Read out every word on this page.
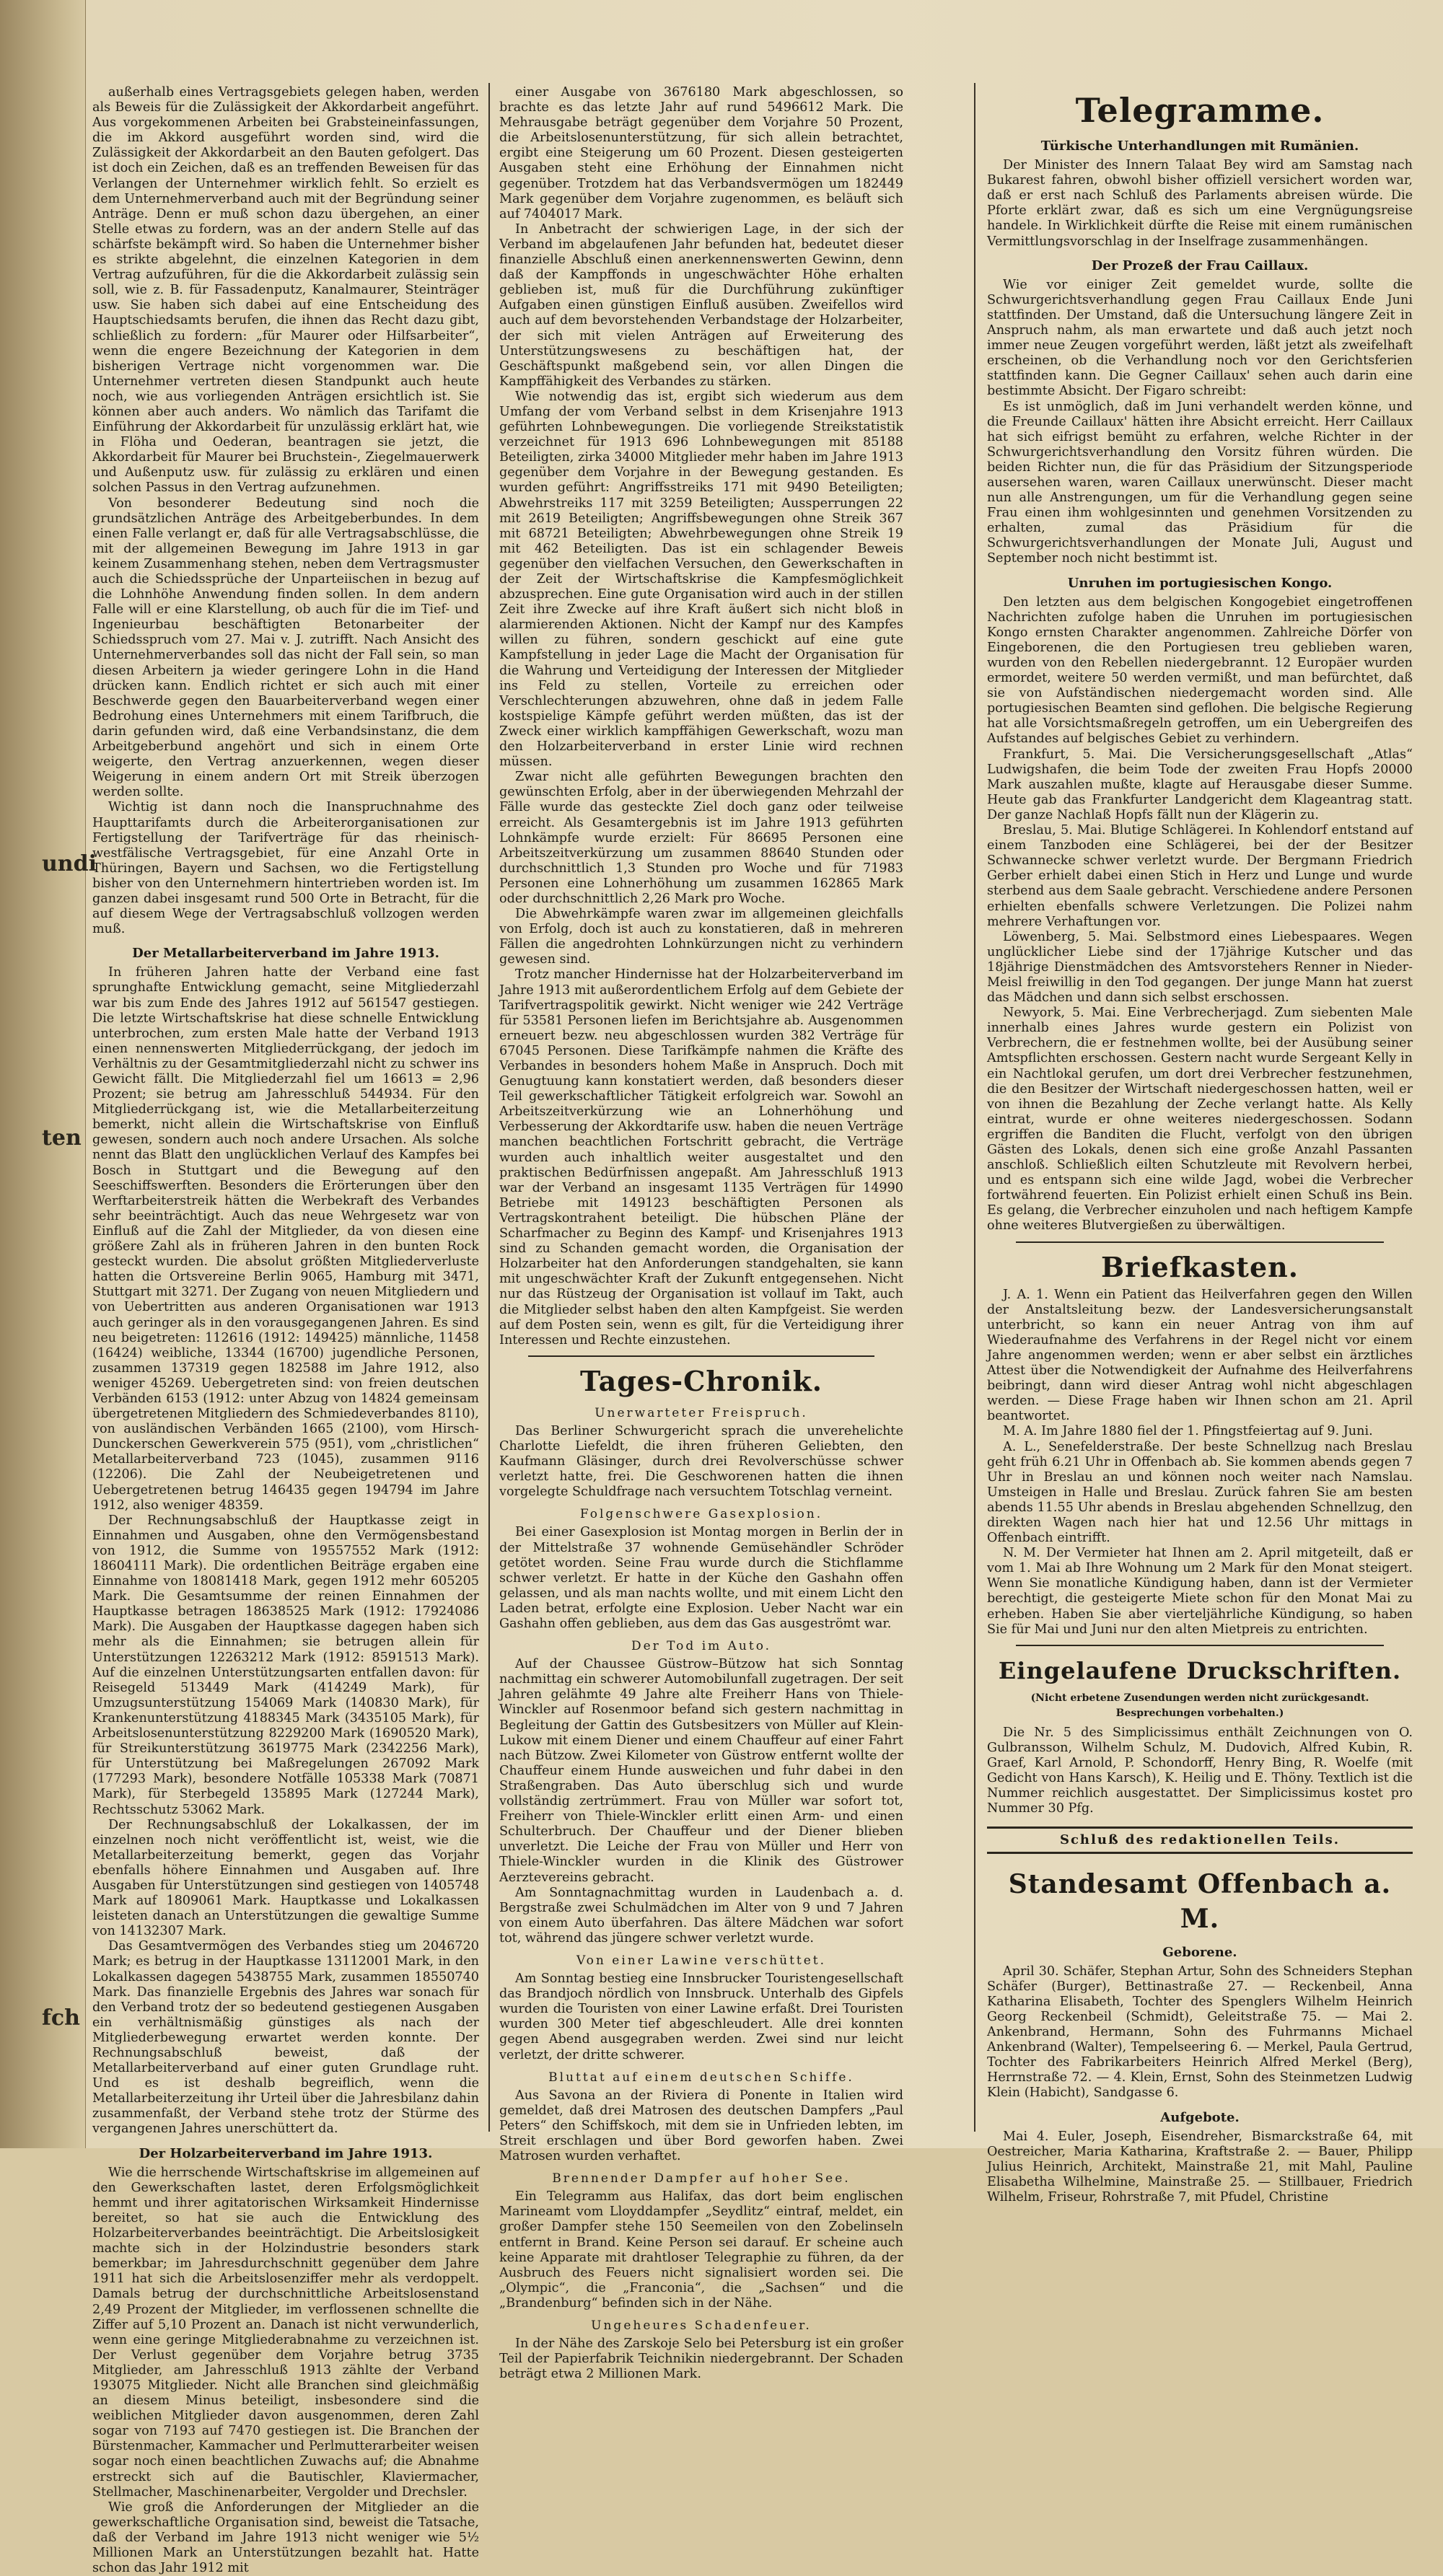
undi
ten
fch

außerhalb eines Vertragsgebiets gelegen haben, werden als Beweis für die Zulässigkeit der Akkordarbeit angeführt. Aus vorgekommenen Arbeiten bei Grabsteineinfassungen, die im Akkord ausgeführt worden sind, wird die Zulässigkeit der Akkordarbeit an den Bauten gefolgert. Das ist doch ein Zeichen, daß es an treffenden Beweisen für das Verlangen der Unternehmer wirklich fehlt. So erzielt es dem Unternehmerverband auch mit der Begründung seiner Anträge. Denn er muß schon dazu übergehen, an einer Stelle etwas zu fordern, was an der andern Stelle auf das schärfste bekämpft wird. So haben die Unternehmer bisher es strikte abgelehnt, die einzelnen Kategorien in dem Vertrag aufzuführen, für die die Akkordarbeit zulässig sein soll, wie z. B. für Fassadenputz, Kanalmaurer, Steinträger usw. Sie haben sich dabei auf eine Entscheidung des Hauptschiedsamts berufen, die ihnen das Recht dazu gibt, schließlich zu fordern: „für Maurer oder Hilfsarbeiter“, wenn die engere Bezeichnung der Kategorien in dem bisherigen Vertrage nicht vorgenommen war. Die Unternehmer vertreten diesen Standpunkt auch heute noch, wie aus vorliegenden Anträgen ersichtlich ist. Sie können aber auch anders. Wo nämlich das Tarifamt die Einführung der Akkordarbeit für unzulässig erklärt hat, wie in Flöha und Oederan, beantragen sie jetzt, die Akkordarbeit für Maurer bei Bruchstein-, Ziegelmauerwerk und Außenputz usw. für zulässig zu erklären und einen solchen Passus in den Vertrag aufzunehmen.

Von besonderer Bedeutung sind noch die grundsätzlichen Anträge des Arbeitgeberbundes. In dem einen Falle verlangt er, daß für alle Vertragsabschlüsse, die mit der allgemeinen Bewegung im Jahre 1913 in gar keinem Zusammenhang stehen, neben dem Vertragsmuster auch die Schiedssprüche der Unparteiischen in bezug auf die Lohnhöhe Anwendung finden sollen. In dem andern Falle will er eine Klarstellung, ob auch für die im Tief- und Ingenieurbau beschäftigten Betonarbeiter der Schiedsspruch vom 27. Mai v. J. zutrifft. Nach Ansicht des Unternehmerverbandes soll das nicht der Fall sein, so man diesen Arbeitern ja wieder geringere Lohn in die Hand drücken kann. Endlich richtet er sich auch mit einer Beschwerde gegen den Bauarbeiterverband wegen einer Bedrohung eines Unternehmers mit einem Tarifbruch, die darin gefunden wird, daß eine Verbandsinstanz, die dem Arbeitgeberbund angehört und sich in einem Orte weigerte, den Vertrag anzuerkennen, wegen dieser Weigerung in einem andern Ort mit Streik überzogen werden sollte.

Wichtig ist dann noch die Inanspruchnahme des Haupttarifamts durch die Arbeiterorganisationen zur Fertigstellung der Tarifverträge für das rheinisch-westfälische Vertragsgebiet, für eine Anzahl Orte in Thüringen, Bayern und Sachsen, wo die Fertigstellung bisher von den Unternehmern hintertrieben worden ist. Im ganzen dabei insgesamt rund 500 Orte in Betracht, für die auf diesem Wege der Vertragsabschluß vollzogen werden muß.

Der Metallarbeiterverband im Jahre 1913.

In früheren Jahren hatte der Verband eine fast sprunghafte Entwicklung gemacht, seine Mitgliederzahl war bis zum Ende des Jahres 1912 auf 561547 gestiegen. Die letzte Wirtschaftskrise hat diese schnelle Entwicklung unterbrochen, zum ersten Male hatte der Verband 1913 einen nennenswerten Mitgliederrückgang, der jedoch im Verhältnis zu der Gesamtmitgliederzahl nicht zu schwer ins Gewicht fällt. Die Mitgliederzahl fiel um 16613 = 2,96 Prozent; sie betrug am Jahresschluß 544934. Für den Mitgliederrückgang ist, wie die Metallarbeiterzeitung bemerkt, nicht allein die Wirtschaftskrise von Einfluß gewesen, sondern auch noch andere Ursachen. Als solche nennt das Blatt den unglücklichen Verlauf des Kampfes bei Bosch in Stuttgart und die Bewegung auf den Seeschiffswerften. Besonders die Erörterungen über den Werftarbeiterstreik hätten die Werbekraft des Verbandes sehr beeinträchtigt. Auch das neue Wehrgesetz war von Einfluß auf die Zahl der Mitglieder, da von diesen eine größere Zahl als in früheren Jahren in den bunten Rock gesteckt wurden. Die absolut größten Mitgliederverluste hatten die Ortsvereine Berlin 9065, Hamburg mit 3471, Stuttgart mit 3271. Der Zugang von neuen Mitgliedern und von Uebertritten aus anderen Organisationen war 1913 auch geringer als in den vorausgegangenen Jahren. Es sind neu beigetreten: 112616 (1912: 149425) männliche, 11458 (16424) weibliche, 13344 (16700) jugendliche Personen, zusammen 137319 gegen 182588 im Jahre 1912, also weniger 45269. Uebergetreten sind: von freien deutschen Verbänden 6153 (1912: unter Abzug von 14824 gemeinsam übergetretenen Mitgliedern des Schmiedeverbandes 8110), von ausländischen Verbänden 1665 (2100), vom Hirsch-Dunckerschen Gewerkverein 575 (951), vom „christlichen“ Metallarbeiterverband 723 (1045), zusammen 9116 (12206). Die Zahl der Neubeigetretenen und Uebergetretenen betrug 146435 gegen 194794 im Jahre 1912, also weniger 48359.

Der Rechnungsabschluß der Hauptkasse zeigt in Einnahmen und Ausgaben, ohne den Vermögensbestand von 1912, die Summe von 19557552 Mark (1912: 18604111 Mark). Die ordentlichen Beiträge ergaben eine Einnahme von 18081418 Mark, gegen 1912 mehr 605205 Mark. Die Gesamtsumme der reinen Einnahmen der Hauptkasse betragen 18638525 Mark (1912: 17924086 Mark). Die Ausgaben der Hauptkasse dagegen haben sich mehr als die Einnahmen; sie betrugen allein für Unterstützungen 12263212 Mark (1912: 8591513 Mark). Auf die einzelnen Unterstützungsarten entfallen davon: für Reisegeld 513449 Mark (414249 Mark), für Umzugsunterstützung 154069 Mark (140830 Mark), für Krankenunterstützung 4188345 Mark (3435105 Mark), für Arbeitslosenunterstützung 8229200 Mark (1690520 Mark), für Streikunterstützung 3619775 Mark (2342256 Mark), für Unterstützung bei Maßregelungen 267092 Mark (177293 Mark), besondere Notfälle 105338 Mark (70871 Mark), für Sterbegeld 135895 Mark (127244 Mark), Rechtsschutz 53062 Mark.

Der Rechnungsabschluß der Lokalkassen, der im einzelnen noch nicht veröffentlicht ist, weist, wie die Metallarbeiterzeitung bemerkt, gegen das Vorjahr ebenfalls höhere Einnahmen und Ausgaben auf. Ihre Ausgaben für Unterstützungen sind gestiegen von 1405748 Mark auf 1809061 Mark. Hauptkasse und Lokalkassen leisteten danach an Unterstützungen die gewaltige Summe von 14132307 Mark.

Das Gesamtvermögen des Verbandes stieg um 2046720 Mark; es betrug in der Hauptkasse 13112001 Mark, in den Lokalkassen dagegen 5438755 Mark, zusammen 18550740 Mark. Das finanzielle Ergebnis des Jahres war sonach für den Verband trotz der so bedeutend gestiegenen Ausgaben ein verhältnismäßig günstiges als nach der Mitgliederbewegung erwartet werden konnte. Der Rechnungsabschluß beweist, daß der Metallarbeiterverband auf einer guten Grundlage ruht. Und es ist deshalb begreiflich, wenn die Metallarbeiterzeitung ihr Urteil über die Jahresbilanz dahin zusammenfaßt, der Verband stehe trotz der Stürme des vergangenen Jahres unerschüttert da.

Der Holzarbeiterverband im Jahre 1913.

Wie die herrschende Wirtschaftskrise im allgemeinen auf den Gewerkschaften lastet, deren Erfolgsmöglichkeit hemmt und ihrer agitatorischen Wirksamkeit Hindernisse bereitet, so hat sie auch die Entwicklung des Holzarbeiterverbandes beeinträchtigt. Die Arbeitslosigkeit machte sich in der Holzindustrie besonders stark bemerkbar; im Jahresdurchschnitt gegenüber dem Jahre 1911 hat sich die Arbeitslosenziffer mehr als verdoppelt. Damals betrug der durchschnittliche Arbeitslosenstand 2,49 Prozent der Mitglieder, im verflossenen schnellte die Ziffer auf 5,10 Prozent an. Danach ist nicht verwunderlich, wenn eine geringe Mitgliederabnahme zu verzeichnen ist. Der Verlust gegenüber dem Vorjahre betrug 3735 Mitglieder, am Jahresschluß 1913 zählte der Verband 193075 Mitglieder. Nicht alle Branchen sind gleichmäßig an diesem Minus beteiligt, insbesondere sind die weiblichen Mitglieder davon ausgenommen, deren Zahl sogar von 7193 auf 7470 gestiegen ist. Die Branchen der Bürstenmacher, Kammacher und Perlmutterarbeiter weisen sogar noch einen beachtlichen Zuwachs auf; die Abnahme erstreckt sich auf die Bautischler, Klaviermacher, Stellmacher, Maschinenarbeiter, Vergolder und Drechsler.

Wie groß die Anforderungen der Mitglieder an die gewerkschaftliche Organisation sind, beweist die Tatsache, daß der Verband im Jahre 1913 nicht weniger wie 5½ Millionen Mark an Unterstützungen bezahlt hat. Hatte schon das Jahr 1912 mit

einer Ausgabe von 3676180 Mark abgeschlossen, so brachte es das letzte Jahr auf rund 5496612 Mark. Die Mehrausgabe beträgt gegenüber dem Vorjahre 50 Prozent, die Arbeitslosenunterstützung, für sich allein betrachtet, ergibt eine Steigerung um 60 Prozent. Diesen gesteigerten Ausgaben steht eine Erhöhung der Einnahmen nicht gegenüber. Trotzdem hat das Verbandsvermögen um 182449 Mark gegenüber dem Vorjahre zugenommen, es beläuft sich auf 7404017 Mark.

In Anbetracht der schwierigen Lage, in der sich der Verband im abgelaufenen Jahr befunden hat, bedeutet dieser finanzielle Abschluß einen anerkennenswerten Gewinn, denn daß der Kampffonds in ungeschwächter Höhe erhalten geblieben ist, muß für die Durchführung zukünftiger Aufgaben einen günstigen Einfluß ausüben. Zweifellos wird auch auf dem bevorstehenden Verbandstage der Holzarbeiter, der sich mit vielen Anträgen auf Erweiterung des Unterstützungswesens zu beschäftigen hat, der Geschäftspunkt maßgebend sein, vor allen Dingen die Kampffähigkeit des Verbandes zu stärken.

Wie notwendig das ist, ergibt sich wiederum aus dem Umfang der vom Verband selbst in dem Krisenjahre 1913 geführten Lohnbewegungen. Die vorliegende Streikstatistik verzeichnet für 1913 696 Lohnbewegungen mit 85188 Beteiligten, zirka 34000 Mitglieder mehr haben im Jahre 1913 gegenüber dem Vorjahre in der Bewegung gestanden. Es wurden geführt: Angriffsstreiks 171 mit 9490 Beteiligten; Abwehrstreiks 117 mit 3259 Beteiligten; Aussperrungen 22 mit 2619 Beteiligten; Angriffsbewegungen ohne Streik 367 mit 68721 Beteiligten; Abwehrbewegungen ohne Streik 19 mit 462 Beteiligten. Das ist ein schlagender Beweis gegenüber den vielfachen Versuchen, den Gewerkschaften in der Zeit der Wirtschaftskrise die Kampfesmöglichkeit abzusprechen. Eine gute Organisation wird auch in der stillen Zeit ihre Zwecke auf ihre Kraft äußert sich nicht bloß in alarmierenden Aktionen. Nicht der Kampf nur des Kampfes willen zu führen, sondern geschickt auf eine gute Kampfstellung in jeder Lage die Macht der Organisation für die Wahrung und Verteidigung der Interessen der Mitglieder ins Feld zu stellen, Vorteile zu erreichen oder Verschlechterungen abzuwehren, ohne daß in jedem Falle kostspielige Kämpfe geführt werden müßten, das ist der Zweck einer wirklich kampffähigen Gewerkschaft, wozu man den Holzarbeiterverband in erster Linie wird rechnen müssen.

Zwar nicht alle geführten Bewegungen brachten den gewünschten Erfolg, aber in der überwiegenden Mehrzahl der Fälle wurde das gesteckte Ziel doch ganz oder teilweise erreicht. Als Gesamtergebnis ist im Jahre 1913 geführten Lohnkämpfe wurde erzielt: Für 86695 Personen eine Arbeitszeitverkürzung um zusammen 88640 Stunden oder durchschnittlich 1,3 Stunden pro Woche und für 71983 Personen eine Lohnerhöhung um zusammen 162865 Mark oder durchschnittlich 2,26 Mark pro Woche.

Die Abwehrkämpfe waren zwar im allgemeinen gleichfalls von Erfolg, doch ist auch zu konstatieren, daß in mehreren Fällen die angedrohten Lohnkürzungen nicht zu verhindern gewesen sind.

Trotz mancher Hindernisse hat der Holzarbeiterverband im Jahre 1913 mit außerordentlichem Erfolg auf dem Gebiete der Tarifvertragspolitik gewirkt. Nicht weniger wie 242 Verträge für 53581 Personen liefen im Berichtsjahre ab. Ausgenommen erneuert bezw. neu abgeschlossen wurden 382 Verträge für 67045 Personen. Diese Tarifkämpfe nahmen die Kräfte des Verbandes in besonders hohem Maße in Anspruch. Doch mit Genugtuung kann konstatiert werden, daß besonders dieser Teil gewerkschaftlicher Tätigkeit erfolgreich war. Sowohl an Arbeitszeitverkürzung wie an Lohnerhöhung und Verbesserung der Akkordtarife usw. haben die neuen Verträge manchen beachtlichen Fortschritt gebracht, die Verträge wurden auch inhaltlich weiter ausgestaltet und den praktischen Bedürfnissen angepaßt. Am Jahresschluß 1913 war der Verband an insgesamt 1135 Verträgen für 14990 Betriebe mit 149123 beschäftigten Personen als Vertragskontrahent beteiligt. Die hübschen Pläne der Scharfmacher zu Beginn des Kampf- und Krisenjahres 1913 sind zu Schanden gemacht worden, die Organisation der Holzarbeiter hat den Anforderungen standgehalten, sie kann mit ungeschwächter Kraft der Zukunft entgegensehen. Nicht nur das Rüstzeug der Organisation ist vollauf im Takt, auch die Mitglieder selbst haben den alten Kampfgeist. Sie werden auf dem Posten sein, wenn es gilt, für die Verteidigung ihrer Interessen und Rechte einzustehen.

Tages-Chronik.
Unerwarteter Freispruch.

Das Berliner Schwurgericht sprach die unverehelichte Charlotte Liefeldt, die ihren früheren Geliebten, den Kaufmann Gläsinger, durch drei Revolverschüsse schwer verletzt hatte, frei. Die Geschworenen hatten die ihnen vorgelegte Schuldfrage nach versuchtem Totschlag verneint.

Folgenschwere Gasexplosion.

Bei einer Gasexplosion ist Montag morgen in Berlin der in der Mittelstraße 37 wohnende Gemüsehändler Schröder getötet worden. Seine Frau wurde durch die Stichflamme schwer verletzt. Er hatte in der Küche den Gashahn offen gelassen, und als man nachts wollte, und mit einem Licht den Laden betrat, erfolgte eine Explosion. Ueber Nacht war ein Gashahn offen geblieben, aus dem das Gas ausgeströmt war.

Der Tod im Auto.

Auf der Chaussee Güstrow–Bützow hat sich Sonntag nachmittag ein schwerer Automobilunfall zugetragen. Der seit Jahren gelähmte 49 Jahre alte Freiherr Hans von Thiele-Winckler auf Rosenmoor befand sich gestern nachmittag in Begleitung der Gattin des Gutsbesitzers von Müller auf Klein-Lukow mit einem Diener und einem Chauffeur auf einer Fahrt nach Bützow. Zwei Kilometer von Güstrow entfernt wollte der Chauffeur einem Hunde ausweichen und fuhr dabei in den Straßengraben. Das Auto überschlug sich und wurde vollständig zertrümmert. Frau von Müller war sofort tot, Freiherr von Thiele-Winckler erlitt einen Arm- und einen Schulterbruch. Der Chauffeur und der Diener blieben unverletzt. Die Leiche der Frau von Müller und Herr von Thiele-Winckler wurden in die Klinik des Güstrower Aerztevereins gebracht.

Am Sonntagnachmittag wurden in Laudenbach a. d. Bergstraße zwei Schulmädchen im Alter von 9 und 7 Jahren von einem Auto überfahren. Das ältere Mädchen war sofort tot, während das jüngere schwer verletzt wurde.

Von einer Lawine verschüttet.

Am Sonntag bestieg eine Innsbrucker Touristengesellschaft das Brandjoch nördlich von Innsbruck. Unterhalb des Gipfels wurden die Touristen von einer Lawine erfaßt. Drei Touristen wurden 300 Meter tief abgeschleudert. Alle drei konnten gegen Abend ausgegraben werden. Zwei sind nur leicht verletzt, der dritte schwerer.

Bluttat auf einem deutschen Schiffe.

Aus Savona an der Riviera di Ponente in Italien wird gemeldet, daß drei Matrosen des deutschen Dampfers „Paul Peters“ den Schiffskoch, mit dem sie in Unfrieden lebten, im Streit erschlagen und über Bord geworfen haben. Zwei Matrosen wurden verhaftet.

Brennender Dampfer auf hoher See.

Ein Telegramm aus Halifax, das dort beim englischen Marineamt vom Lloyddampfer „Seydlitz“ eintraf, meldet, ein großer Dampfer stehe 150 Seemeilen von den Zobelinseln entfernt in Brand. Keine Person sei darauf. Er scheine auch keine Apparate mit drahtloser Telegraphie zu führen, da der Ausbruch des Feuers nicht signalisiert worden sei. Die „Olympic“, die „Franconia“, die „Sachsen“ und die „Brandenburg“ befinden sich in der Nähe.

Ungeheures Schadenfeuer.

In der Nähe des Zarskoje Selo bei Petersburg ist ein großer Teil der Papierfabrik Teichnikin niedergebrannt. Der Schaden beträgt etwa 2 Millionen Mark.

Telegramme.
Türkische Unterhandlungen mit Rumänien.

Der Minister des Innern Talaat Bey wird am Samstag nach Bukarest fahren, obwohl bisher offiziell versichert worden war, daß er erst nach Schluß des Parlaments abreisen würde. Die Pforte erklärt zwar, daß es sich um eine Vergnügungsreise handele. In Wirklichkeit dürfte die Reise mit einem rumänischen Vermittlungsvorschlag in der Inselfrage zusammenhängen.

Der Prozeß der Frau Caillaux.

Wie vor einiger Zeit gemeldet wurde, sollte die Schwurgerichtsverhandlung gegen Frau Caillaux Ende Juni stattfinden. Der Umstand, daß die Untersuchung längere Zeit in Anspruch nahm, als man erwartete und daß auch jetzt noch immer neue Zeugen vorgeführt werden, läßt jetzt als zweifelhaft erscheinen, ob die Verhandlung noch vor den Gerichtsferien stattfinden kann. Die Gegner Caillaux' sehen auch darin eine bestimmte Absicht. Der Figaro schreibt:

Es ist unmöglich, daß im Juni verhandelt werden könne, und die Freunde Caillaux' hätten ihre Absicht erreicht. Herr Caillaux hat sich eifrigst bemüht zu erfahren, welche Richter in der Schwurgerichtsverhandlung den Vorsitz führen würden. Die beiden Richter nun, die für das Präsidium der Sitzungsperiode ausersehen waren, waren Caillaux unerwünscht. Dieser macht nun alle Anstrengungen, um für die Verhandlung gegen seine Frau einen ihm wohlgesinnten und genehmen Vorsitzenden zu erhalten, zumal das Präsidium für die Schwurgerichtsverhandlungen der Monate Juli, August und September noch nicht bestimmt ist.

Unruhen im portugiesischen Kongo.

Den letzten aus dem belgischen Kongogebiet eingetroffenen Nachrichten zufolge haben die Unruhen im portugiesischen Kongo ernsten Charakter angenommen. Zahlreiche Dörfer von Eingeborenen, die den Portugiesen treu geblieben waren, wurden von den Rebellen niedergebrannt. 12 Europäer wurden ermordet, weitere 50 werden vermißt, und man befürchtet, daß sie von Aufständischen niedergemacht worden sind. Alle portugiesischen Beamten sind geflohen. Die belgische Regierung hat alle Vorsichtsmaßregeln getroffen, um ein Uebergreifen des Aufstandes auf belgisches Gebiet zu verhindern.

Frankfurt, 5. Mai. Die Versicherungsgesellschaft „Atlas“ Ludwigshafen, die beim Tode der zweiten Frau Hopfs 20000 Mark auszahlen mußte, klagte auf Herausgabe dieser Summe. Heute gab das Frankfurter Landgericht dem Klageantrag statt. Der ganze Nachlaß Hopfs fällt nun der Klägerin zu.

Breslau, 5. Mai. Blutige Schlägerei. In Kohlendorf entstand auf einem Tanzboden eine Schlägerei, bei der der Besitzer Schwannecke schwer verletzt wurde. Der Bergmann Friedrich Gerber erhielt dabei einen Stich in Herz und Lunge und wurde sterbend aus dem Saale gebracht. Verschiedene andere Personen erhielten ebenfalls schwere Verletzungen. Die Polizei nahm mehrere Verhaftungen vor.

Löwenberg, 5. Mai. Selbstmord eines Liebespaares. Wegen unglücklicher Liebe sind der 17jährige Kutscher und das 18jährige Dienstmädchen des Amtsvorstehers Renner in Nieder-Meisl freiwillig in den Tod gegangen. Der junge Mann hat zuerst das Mädchen und dann sich selbst erschossen.

Newyork, 5. Mai. Eine Verbrecherjagd. Zum siebenten Male innerhalb eines Jahres wurde gestern ein Polizist von Verbrechern, die er festnehmen wollte, bei der Ausübung seiner Amtspflichten erschossen. Gestern nacht wurde Sergeant Kelly in ein Nachtlokal gerufen, um dort drei Verbrecher festzunehmen, die den Besitzer der Wirtschaft niedergeschossen hatten, weil er von ihnen die Bezahlung der Zeche verlangt hatte. Als Kelly eintrat, wurde er ohne weiteres niedergeschossen. Sodann ergriffen die Banditen die Flucht, verfolgt von den übrigen Gästen des Lokals, denen sich eine große Anzahl Passanten anschloß. Schließlich eilten Schutzleute mit Revolvern herbei, und es entspann sich eine wilde Jagd, wobei die Verbrecher fortwährend feuerten. Ein Polizist erhielt einen Schuß ins Bein. Es gelang, die Verbrecher einzuholen und nach heftigem Kampfe ohne weiteres Blutvergießen zu überwältigen.

Briefkasten.

J. A. 1. Wenn ein Patient das Heilverfahren gegen den Willen der Anstaltsleitung bezw. der Landesversicherungsanstalt unterbricht, so kann ein neuer Antrag von ihm auf Wiederaufnahme des Verfahrens in der Regel nicht vor einem Jahre angenommen werden; wenn er aber selbst ein ärztliches Attest über die Notwendigkeit der Aufnahme des Heilverfahrens beibringt, dann wird dieser Antrag wohl nicht abgeschlagen werden. — Diese Frage haben wir Ihnen schon am 21. April beantwortet.

M. A. Im Jahre 1880 fiel der 1. Pfingstfeiertag auf 9. Juni.

A. L., Senefelderstraße. Der beste Schnellzug nach Breslau geht früh 6.21 Uhr in Offenbach ab. Sie kommen abends gegen 7 Uhr in Breslau an und können noch weiter nach Namslau. Umsteigen in Halle und Breslau. Zurück fahren Sie am besten abends 11.55 Uhr abends in Breslau abgehenden Schnellzug, den direkten Wagen nach hier hat und 12.56 Uhr mittags in Offenbach eintrifft.

N. M. Der Vermieter hat Ihnen am 2. April mitgeteilt, daß er vom 1. Mai ab Ihre Wohnung um 2 Mark für den Monat steigert. Wenn Sie monatliche Kündigung haben, dann ist der Vermieter berechtigt, die gesteigerte Miete schon für den Monat Mai zu erheben. Haben Sie aber vierteljährliche Kündigung, so haben Sie für Mai und Juni nur den alten Mietpreis zu entrichten.

Eingelaufene Druckschriften.
(Nicht erbetene Zusendungen werden nicht zurückgesandt. Besprechungen vorbehalten.)

Die Nr. 5 des Simplicissimus enthält Zeichnungen von O. Gulbransson, Wilhelm Schulz, M. Dudovich, Alfred Kubin, R. Graef, Karl Arnold, P. Schondorff, Henry Bing, R. Woelfe (mit Gedicht von Hans Karsch), K. Heilig und E. Thöny. Textlich ist die Nummer reichlich ausgestattet. Der Simplicissimus kostet pro Nummer 30 Pfg.

Schluß des redaktionellen Teils.
Standesamt Offenbach a. M.
Geborene.

April 30. Schäfer, Stephan Artur, Sohn des Schneiders Stephan Schäfer (Burger), Bettinastraße 27. — Reckenbeil, Anna Katharina Elisabeth, Tochter des Spenglers Wilhelm Heinrich Georg Reckenbeil (Schmidt), Geleitstraße 75. — Mai 2. Ankenbrand, Hermann, Sohn des Fuhrmanns Michael Ankenbrand (Walter), Tempelseering 6. — Merkel, Paula Gertrud, Tochter des Fabrikarbeiters Heinrich Alfred Merkel (Berg), Herrnstraße 72. — 4. Klein, Ernst, Sohn des Steinmetzen Ludwig Klein (Habicht), Sandgasse 6.

Aufgebote.

Mai 4. Euler, Joseph, Eisendreher, Bismarckstraße 64, mit Oestreicher, Maria Katharina, Kraftstraße 2. — Bauer, Philipp Julius Heinrich, Architekt, Mainstraße 21, mit Mahl, Pauline Elisabetha Wilhelmine, Mainstraße 25. — Stillbauer, Friedrich Wilhelm, Friseur, Rohrstraße 7, mit Pfudel, Christine
